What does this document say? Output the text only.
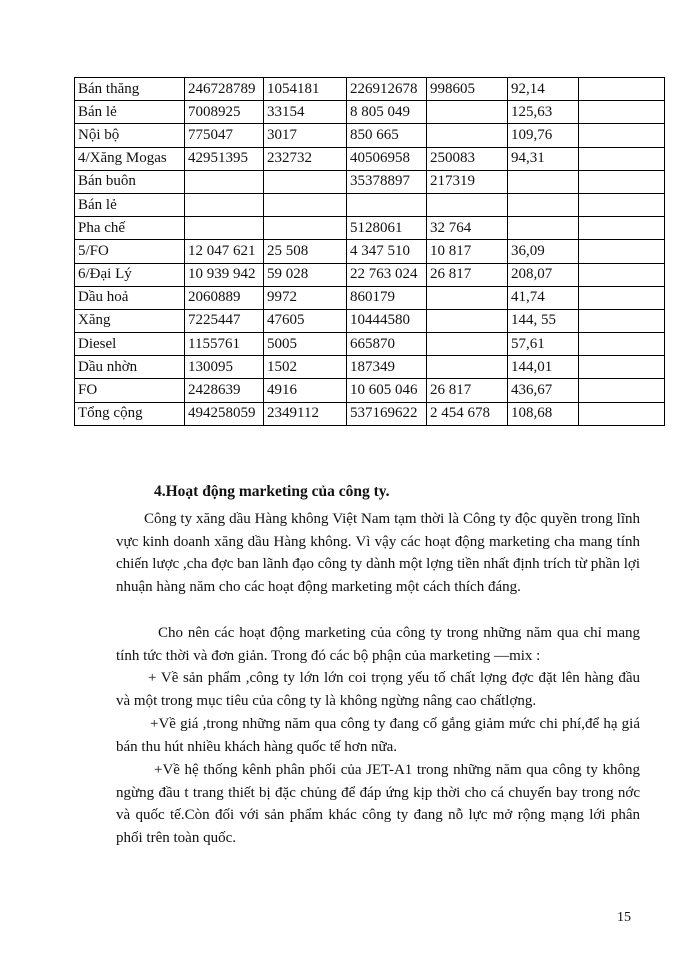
Bán thăng	246728789	1054181	226912678	998605	92,14	
Bán lẻ	7008925	33154	8 805 049		125,63	
Nội bộ	775047	3017	850 665		109,76	
4/Xăng Mogas	42951395	232732	40506958	250083	94,31	
Bán buôn			35378897	217319		
Bán lẻ						
Pha chế			5128061	32 764		
5/FO	12 047 621	25 508	4 347 510	10 817	36,09	
6/Đại Lý	10 939 942	59 028	22 763 024	26 817	208,07	
Dầu hoả	2060889	9972	860179		41,74	
Xăng	7225447	47605	10444580		144, 55	
Diesel	1155761	5005	665870		57,61	
Dầu nhờn	130095	1502	187349		144,01	
FO	2428639	4916	10 605 046	26 817	436,67	
Tổng cộng	494258059	2349112	537169622	2 454 678	108,68	
4.Hoạt động marketing của công ty.
Công ty xăng dầu Hàng không Việt Nam tạm thời là Công ty độc quyền trong lĩnh vực kinh doanh xăng dầu Hàng không. Vì vậy các hoạt động marketing cha mang tính chiến lược ,cha đợc ban lãnh đạo công ty dành một lợng tiền nhất định trích từ phần lợi nhuận hàng năm cho các hoạt động marketing một cách thích đáng.
Cho nên các hoạt động marketing của công ty trong những năm qua chỉ mang tính tức thời và đơn giản. Trong đó các bộ phận của marketing —mix :
+ Về sản phẩm ,công ty lớn lớn coi trọng yếu tố chất lợng đợc đặt lên hàng đầu và một trong mục tiêu của công ty là không ngừng nâng cao chấtlợng.
+Về giá ,trong những năm qua công ty đang cố gắng giảm mức chi phí,để hạ giá bán thu hút nhiều khách hàng quốc tế hơn nữa.
+Về hệ thống kênh phân phối của JET-A1 trong những năm qua công ty không ngừng đầu t trang thiết bị đặc chủng để đáp ứng kịp thời cho cá chuyến bay trong nớc và quốc tế.Còn đối với sản phẩm khác công ty đang nỗ lực mở rộng mạng lới phân phối trên toàn quốc.
15
